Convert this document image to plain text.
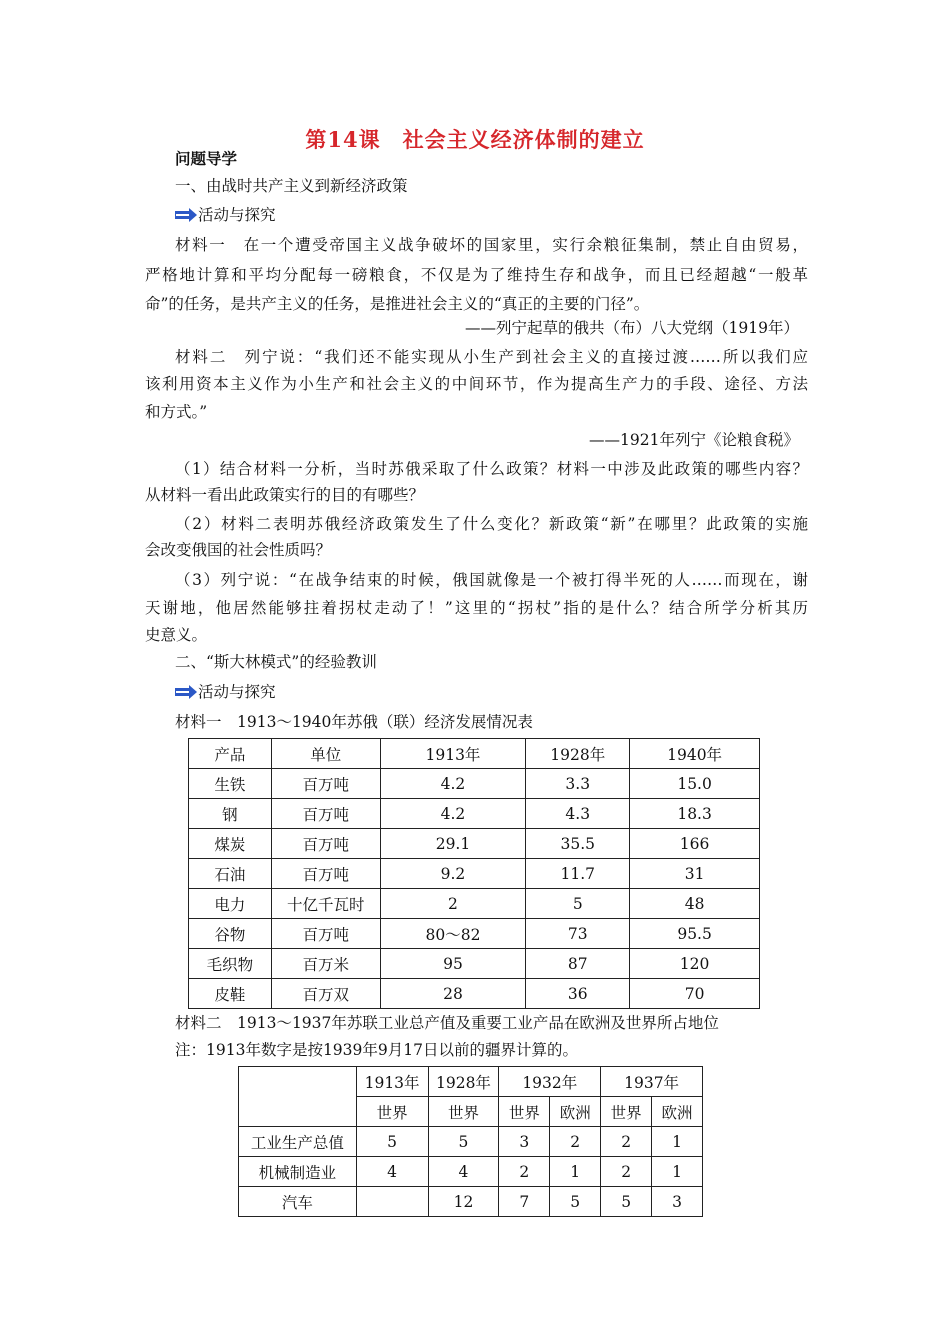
第14课　社会主义经济体制的建立
问题导学
一、由战时共产主义到新经济政策
活动与探究
材料一　在一个遭受帝国主义战争破坏的国家里，实行余粮征集制，禁止自由贸易，
严格地计算和平均分配每一磅粮食，不仅是为了维持生存和战争，而且已经超越“一般革
命”的任务，是共产主义的任务，是推进社会主义的“真正的主要的门径”。
——列宁起草的俄共（布）八大党纲（1919年）
材料二　列宁说：“我们还不能实现从小生产到社会主义的直接过渡……所以我们应
该利用资本主义作为小生产和社会主义的中间环节，作为提高生产力的手段、途径、方法
和方式。”
——1921年列宁《论粮食税》
（1）结合材料一分析，当时苏俄采取了什么政策？材料一中涉及此政策的哪些内容？
从材料一看出此政策实行的目的有哪些？
（2）材料二表明苏俄经济政策发生了什么变化？新政策“新”在哪里？此政策的实施
会改变俄国的社会性质吗？
（3）列宁说：“在战争结束的时候，俄国就像是一个被打得半死的人……而现在，谢
天谢地，他居然能够拄着拐杖走动了！”这里的“拐杖”指的是什么？结合所学分析其历
史意义。
二、“斯大林模式”的经验教训
活动与探究
材料一　1913～1940年苏俄（联）经济发展情况表
产品	单位	1913年	1928年	1940年
生铁	百万吨	4.2	3.3	15.0
钢	百万吨	4.2	4.3	18.3
煤炭	百万吨	29.1	35.5	166
石油	百万吨	9.2	11.7	31
电力	十亿千瓦时	2	5	48
谷物	百万吨	80～82	73	95.5
毛织物	百万米	95	87	120
皮鞋	百万双	28	36	70
材料二　1913～1937年苏联工业总产值及重要工业产品在欧洲及世界所占地位
注：1913年数字是按1939年9月17日以前的疆界计算的。
	1913年	1928年	1932年		1937年	
	世界	世界	世界	欧洲	世界	欧洲
工业生产总值	5	5	3	2	2	1
机械制造业	4	4	2	1	2	1
汽车		12	7	5	5	3
